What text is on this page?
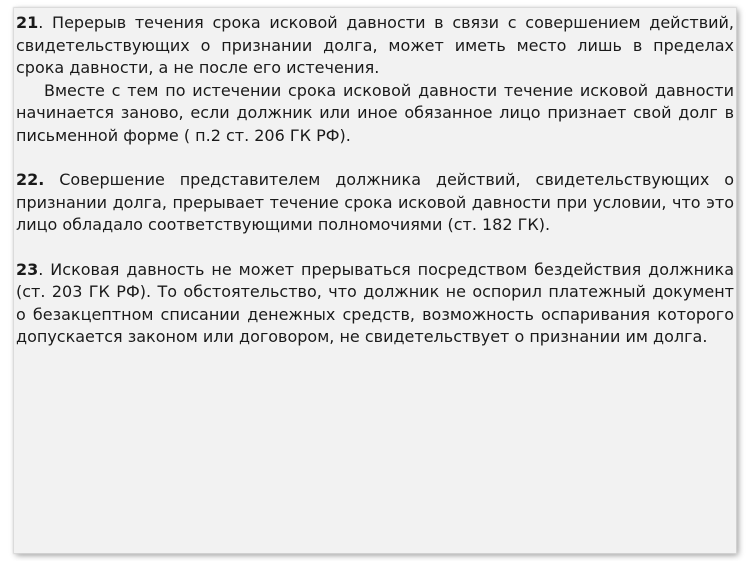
21. Перерыв течения срока исковой давности в связи с совершением действий, свидетельствующих о признании долга, может иметь место лишь в пределах срока давности, а не после его истечения.

Вместе с тем по истечении срока исковой давности течение исковой давности начинается заново, если должник или иное обязанное лицо признает свой долг в письменной форме ( п.2 ст. 206 ГК РФ).

22. Совершение представителем должника действий, свидетельствующих о признании долга, прерывает течение срока исковой давности при условии, что это лицо обладало соответствующими полномочиями (ст. 182 ГК).

23. Исковая давность не может прерываться посредством бездействия должника (ст. 203 ГК РФ). То обстоятельство, что должник не оспорил платежный документ о безакцептном списании денежных средств, возможность оспаривания которого допускается законом или договором, не свидетельствует о признании им долга.
